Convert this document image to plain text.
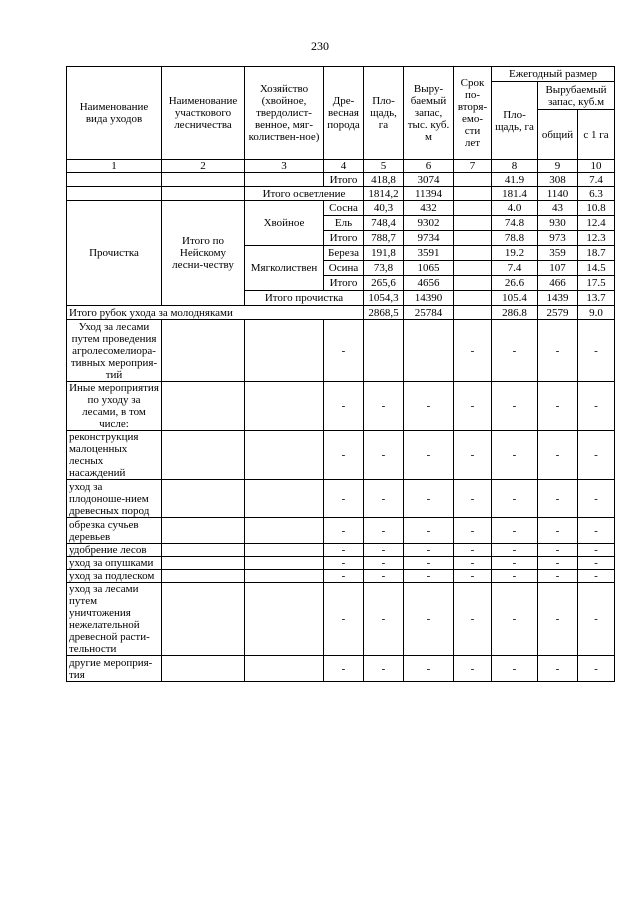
230
Наименование вида уходов	Наименование участкового лесничества	Хозяйство (хвойное, твердолист-венное, мяг-колиствен-ное)	Дре-весная порода	Пло-щадь, га	Выру-баемый запас, тыс. куб. м	Срок по-вторя-емо-сти лет	Ежегодный размер		
							Пло-щадь, га	Вырубаемый запас, куб.м	
								общий	с 1 га

1	2	3	4	5	6	7	8	9	10
			Итого	418,8	3074		41.9	308	7.4
		Итого осветление		1814,2	11394		181.4	1140	6.3
Прочистка	Итого по Нейскому лесни-честву	Хвойное	Сосна	40,3	432		4.0	43	10.8
			Ель	748,4	9302		74.8	930	12.4
			Итого	788,7	9734		78.8	973	12.3
		Мягколиствен	Береза	191,8	3591		19.2	359	18.7
			Осина	73,8	1065		7.4	107	14.5
			Итого	265,6	4656		26.6	466	17.5
		Итого прочистка		1054,3	14390		105.4	1439	13.7
Итого рубок ухода за молодняками				2868,5	25784		286.8	2579	9.0
Уход за лесами путем проведения агролесомелиора-тивных мероприя-тий			-			-	-	-	-
Иные мероприятия по уходу за лесами, в том числе:			-	-	-	-	-	-	-
реконструкция малоценных лесных насаждений			-	-	-	-	-	-	-
уход за плодоноше-нием древесных пород			-	-	-	-	-	-	-
обрезка сучьев деревьев			-	-	-	-	-	-	-
удобрение лесов			-	-	-	-	-	-	-
уход за опушками			-	-	-	-	-	-	-
уход за подлеском			-	-	-	-	-	-	-
уход за лесами путем уничтожения нежелательной древесной расти-тельности			-	-	-	-	-	-	-
другие мероприя-тия			-	-	-	-	-	-	-
